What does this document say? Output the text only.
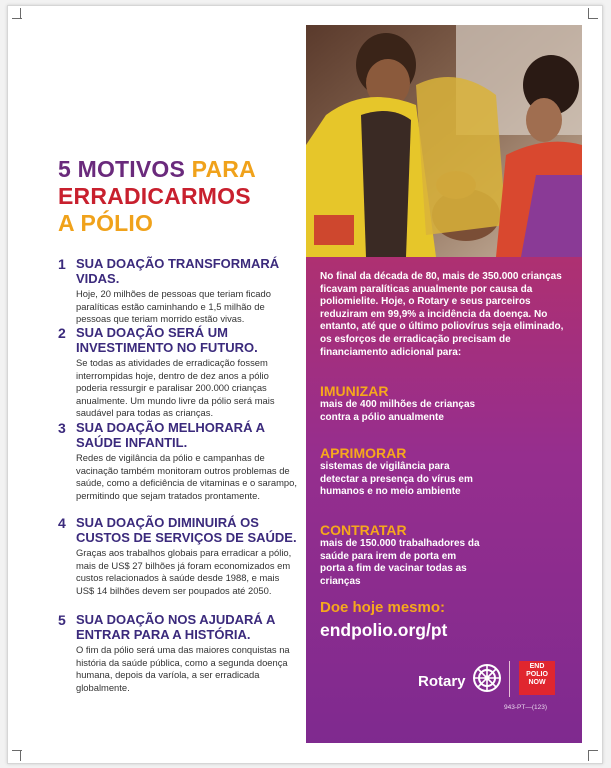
5 MOTIVOS PARA
ERRADICARMOS
A PÓLIO
1 SUA DOAÇÃO TRANSFORMARÁ VIDAS.
Hoje, 20 milhões de pessoas que teriam ficado paralíticas estão caminhando e 1,5 milhão de pessoas que teriam morrido estão vivas.
2 SUA DOAÇÃO SERÁ UM INVESTIMENTO NO FUTURO.
Se todas as atividades de erradicação fossem interrompidas hoje, dentro de dez anos a pólio poderia ressurgir e paralisar 200.000 crianças anualmente. Um mundo livre da pólio será mais saudável para todas as crianças.
3 SUA DOAÇÃO MELHORARÁ A SAÚDE INFANTIL.
Redes de vigilância da pólio e campanhas de vacinação também monitoram outros problemas de saúde, como a deficiência de vitaminas e o sarampo, permitindo que sejam tratados prontamente.
4 SUA DOAÇÃO DIMINUIRÁ OS CUSTOS DE SERVIÇOS DE SAÚDE.
Graças aos trabalhos globais para erradicar a pólio, mais de US$ 27 bilhões já foram economizados em custos relacionados à saúde desde 1988, e mais US$ 14 bilhões devem ser poupados até 2050.
5 SUA DOAÇÃO NOS AJUDARÁ A ENTRAR PARA A HISTÓRIA.
O fim da pólio será uma das maiores conquistas na história da saúde pública, como a segunda doença humana, depois da varíola, a ser erradicada globalmente.
No final da década de 80, mais de 350.000 crianças ficavam paralíticas anualmente por causa da poliomielite. Hoje, o Rotary e seus parceiros reduziram em 99,9% a incidência da doença. No entanto, até que o último poliovírus seja eliminado, os esforços de erradicação precisam de financiamento adicional para:
IMUNIZAR
mais de 400 milhões de crianças contra a pólio anualmente
APRIMORAR
sistemas de vigilância para detectar a presença do vírus em humanos e no meio ambiente
CONTRATAR
mais de 150.000 trabalhadores da saúde para irem de porta em porta a fim de vacinar todas as crianças
Doe hoje mesmo:
endpolio.org/pt
Rotary
END
POLIO
NOW
943-PT—(123)
